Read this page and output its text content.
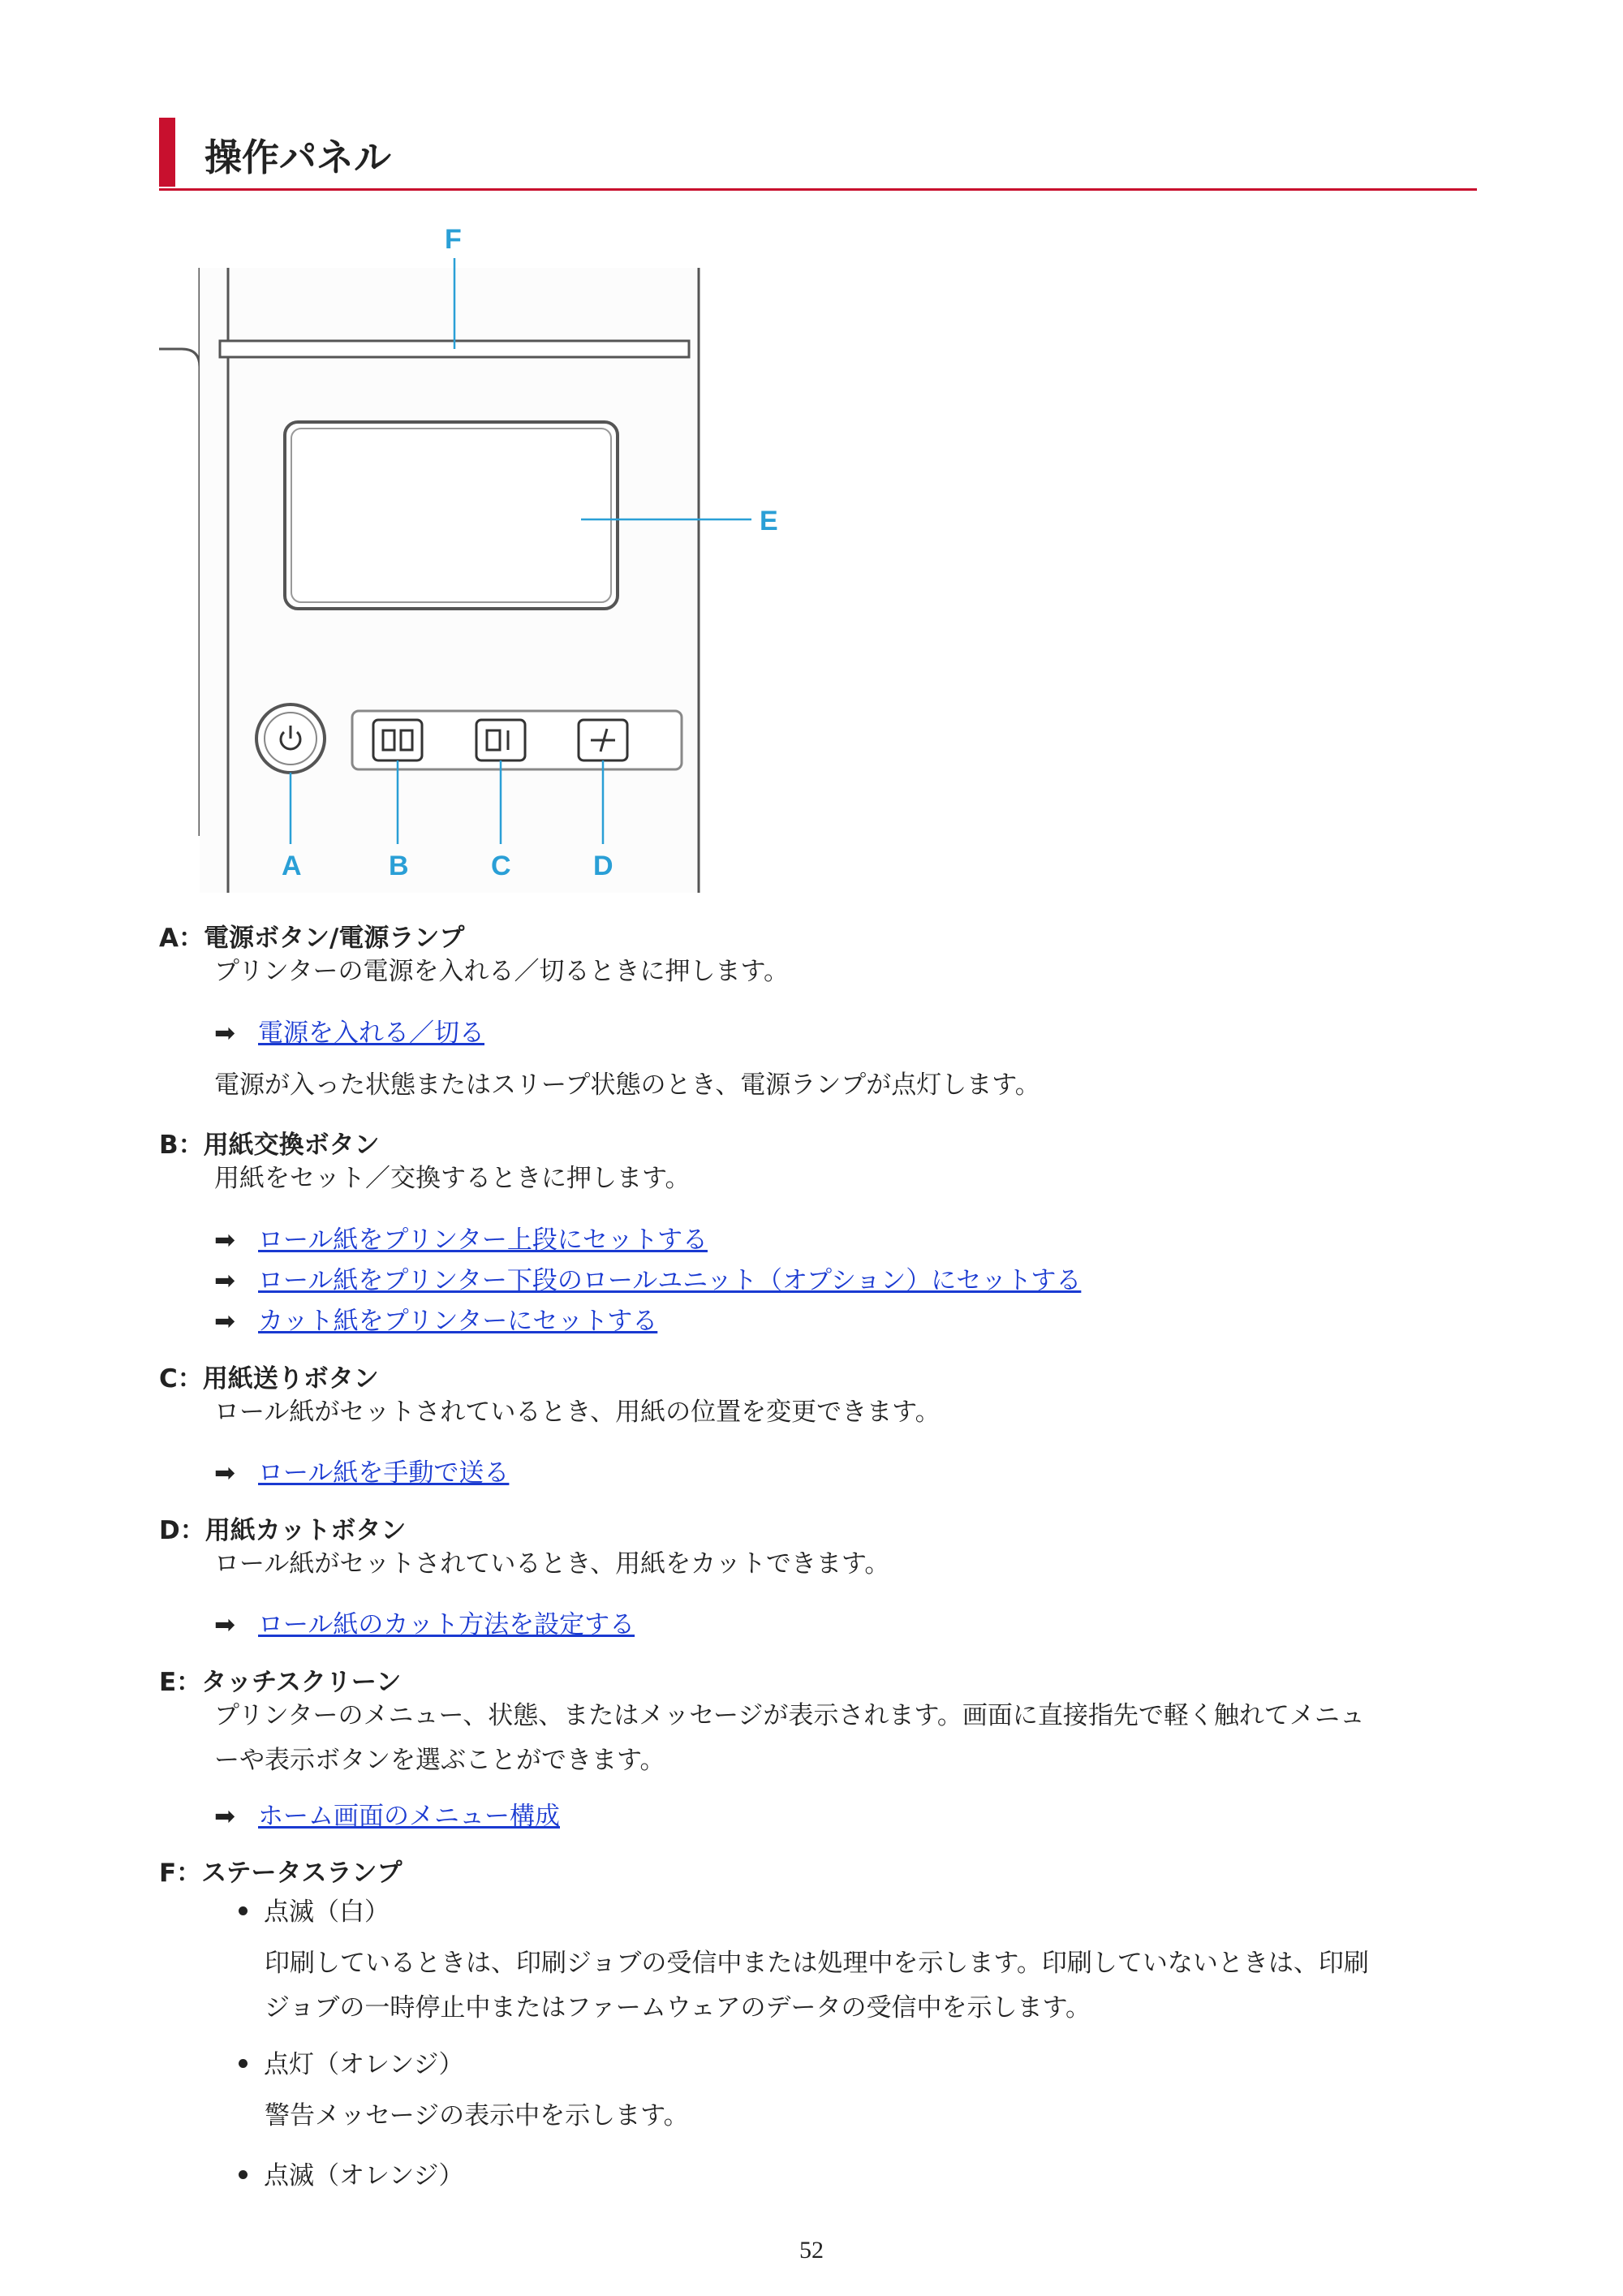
操作パネル
F
E
A	B	C	D
A：電源ボタン/電源ランプ
プリンターの電源を入れる／切るときに押します。
➡ 電源を入れる／切る
電源が入った状態またはスリープ状態のとき、電源ランプが点灯します。
B：用紙交換ボタン
用紙をセット／交換するときに押します。
➡ ロール紙をプリンター上段にセットする
➡ ロール紙をプリンター下段のロールユニット（オプション）にセットする
➡ カット紙をプリンターにセットする
C：用紙送りボタン
ロール紙がセットされているとき、用紙の位置を変更できます。
➡ ロール紙を手動で送る
D：用紙カットボタン
ロール紙がセットされているとき、用紙をカットできます。
➡ ロール紙のカット方法を設定する
E：タッチスクリーン
プリンターのメニュー、状態、またはメッセージが表示されます。画面に直接指先で軽く触れてメニュ
ーや表示ボタンを選ぶことができます。
➡ ホーム画面のメニュー構成
F：ステータスランプ
点滅（白）
印刷しているときは、印刷ジョブの受信中または処理中を示します。印刷していないときは、印刷
ジョブの一時停止中またはファームウェアのデータの受信中を示します。
点灯（オレンジ）
警告メッセージの表示中を示します。
点滅（オレンジ）
52
